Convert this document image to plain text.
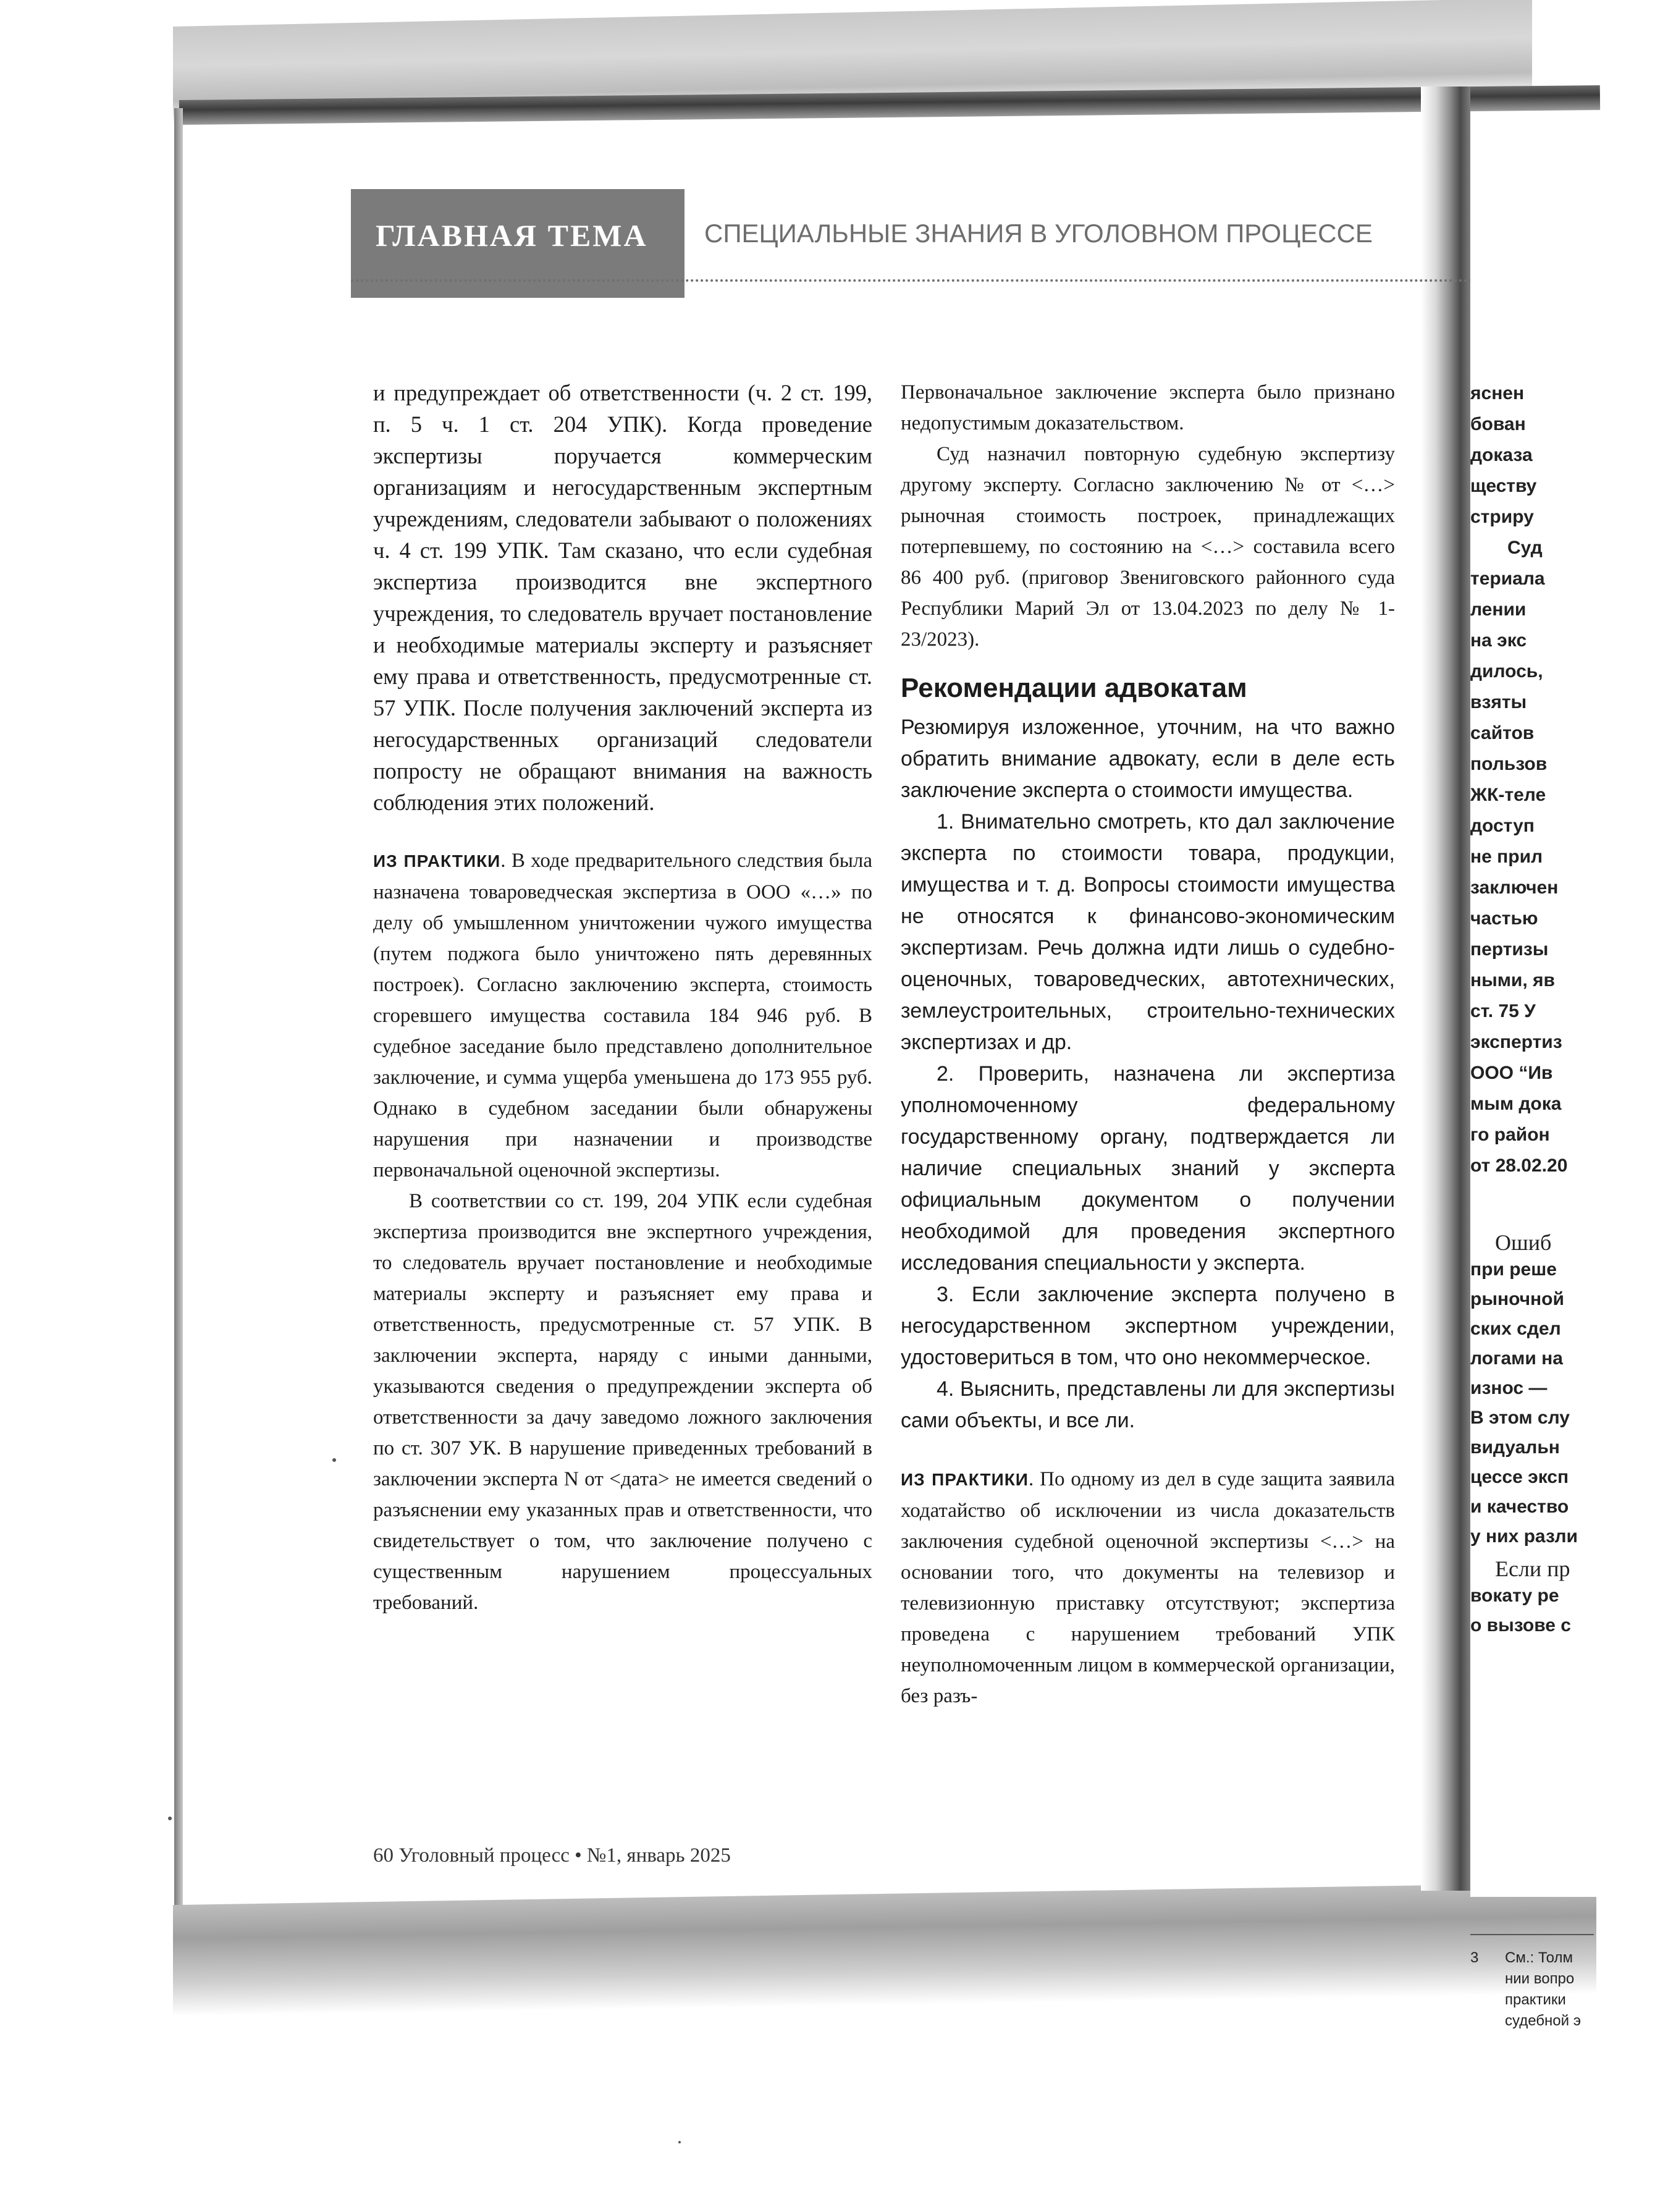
ГЛАВНАЯ ТЕМА СПЕЦИАЛЬНЫЕ ЗНАНИЯ В УГОЛОВНОМ ПРОЦЕССЕ

и предупреждает об ответственности (ч. 2 ст. 199, п. 5 ч. 1 ст. 204 УПК). Когда проведение экспертизы поручается коммерческим организациям и негосударственным экспертным учреждениям, следователи забывают о положениях ч. 4 ст. 199 УПК. Там сказано, что если судебная экспертиза производится вне экспертного учреждения, то следователь вручает постановление и необходимые материалы эксперту и разъясняет ему права и ответственность, предусмотренные ст. 57 УПК. После получения заключений эксперта из негосударственных организаций следователи попросту не обращают внимания на важность соблюдения этих положений.

ИЗ ПРАКТИКИ. В ходе предварительного следствия была назначена товароведческая экспертиза в ООО «…» по делу об умышленном уничтожении чужого имущества (путем поджога было уничтожено пять деревянных построек). Согласно заключению эксперта, стоимость сгоревшего имущества составила 184 946 руб. В судебное заседание было представлено дополнительное заключение, и сумма ущерба уменьшена до 173 955 руб. Однако в судебном заседании были обнаружены нарушения при назначении и производстве первоначальной оценочной экспертизы.

В соответствии со ст. 199, 204 УПК если судебная экспертиза производится вне экспертного учреждения, то следователь вручает постановление и необходимые материалы эксперту и разъясняет ему права и ответственность, предусмотренные ст. 57 УПК. В заключении эксперта, наряду с иными данными, указываются сведения о предупреждении эксперта об ответственности за дачу заведомо ложного заключения по ст. 307 УК. В нарушение приведенных требований в заключении эксперта N от <дата> не имеется сведений о разъяснении ему указанных прав и ответственности, что свидетельствует о том, что заключение получено с существенным нарушением процессуальных требований.

Первоначальное заключение эксперта было признано недопустимым доказательством.

Суд назначил повторную судебную экспертизу другому эксперту. Согласно заключению № от <…> рыночная стоимость построек, принадлежащих потерпевшему, по состоянию на <…> составила всего 86 400 руб. (приговор Звениговского районного суда Республики Марий Эл от 13.04.2023 по делу № 1-23/2023).

Рекомендации адвокатам

Резюмируя изложенное, уточним, на что важно обратить внимание адвокату, если в деле есть заключение эксперта о стоимости имущества.

1. Внимательно смотреть, кто дал заключение эксперта по стоимости товара, продукции, имущества и т. д. Вопросы стоимости имущества не относятся к финансово-экономическим экспертизам. Речь должна идти лишь о судебно-оценочных, товароведческих, автотехнических, землеустроительных, строительно-технических экспертизах и др.

2. Проверить, назначена ли экспертиза уполномоченному федеральному государственному органу, подтверждается ли наличие специальных знаний у эксперта официальным документом о получении необходимой для проведения экспертного исследования специальности у эксперта.

3. Если заключение эксперта получено в негосударственном экспертном учреждении, удостовериться в том, что оно некоммерческое.

4. Выяснить, представлены ли для экспертизы сами объекты, и все ли.

ИЗ ПРАКТИКИ. По одному из дел в суде защита заявила ходатайство об исключении из числа доказательств заключения судебной оценочной экспертизы <…> на основании того, что документы на телевизор и телевизионную приставку отсутствуют; экспертиза проведена с нарушением требований УПК неуполномоченным лицом в коммерческой организации, без разъ-

60 Уголовный процесс • №1, январь 2025
яснен
бован
доказа
ществу
стриру
Суд
териала
лении
на экс
дилось,
взяты
сайтов
пользов
ЖК-теле
доступ
не прил
заключен
частью
пертизы
ными, яв
ст. 75 У
экспертиз
ООО “Ив
мым дока
го район
от 28.02.20
Ошиб
при реше
рыночной
ских сдел
логами на
износ —
В этом слу
видуальн
цессе эксп
и качество
у них разли
Если пр
вокату ре
о вызове с
3	См.: Толм
нии вопро
практики
судебной э
